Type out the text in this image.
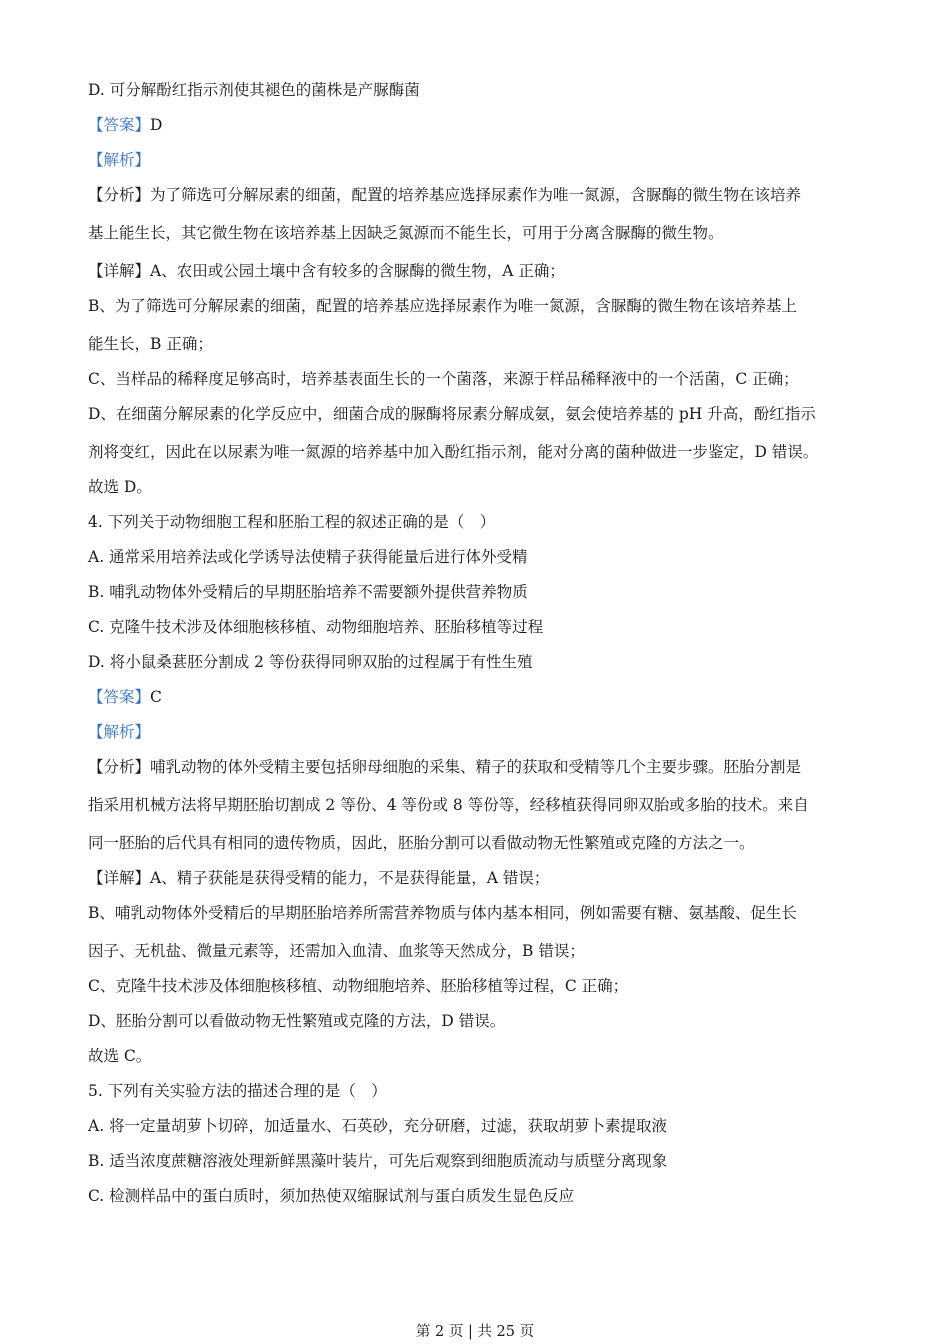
D. 可分解酚红指示剂使其褪色的菌株是产脲酶菌
【答案】D
【解析】
【分析】为了筛选可分解尿素的细菌，配置的培养基应选择尿素作为唯一氮源，含脲酶的微生物在该培养
基上能生长，其它微生物在该培养基上因缺乏氮源而不能生长，可用于分离含脲酶的微生物。
【详解】A、农田或公园土壤中含有较多的含脲酶的微生物，A 正确；
B、为了筛选可分解尿素的细菌，配置的培养基应选择尿素作为唯一氮源，含脲酶的微生物在该培养基上
能生长，B 正确；
C、当样品的稀释度足够高时，培养基表面生长的一个菌落，来源于样品稀释液中的一个活菌，C 正确；
D、在细菌分解尿素的化学反应中，细菌合成的脲酶将尿素分解成氨，氨会使培养基的 pH 升高，酚红指示
剂将变红，因此在以尿素为唯一氮源的培养基中加入酚红指示剂，能对分离的菌种做进一步鉴定，D 错误。
故选 D。
4. 下列关于动物细胞工程和胚胎工程的叙述正确的是（　）
A. 通常采用培养法或化学诱导法使精子获得能量后进行体外受精
B. 哺乳动物体外受精后的早期胚胎培养不需要额外提供营养物质
C. 克隆牛技术涉及体细胞核移植、动物细胞培养、胚胎移植等过程
D. 将小鼠桑葚胚分割成 2 等份获得同卵双胎的过程属于有性生殖
【答案】C
【解析】
【分析】哺乳动物的体外受精主要包括卵母细胞的采集、精子的获取和受精等几个主要步骤。胚胎分割是
指采用机械方法将早期胚胎切割成 2 等份、4 等份或 8 等份等，经移植获得同卵双胎或多胎的技术。来自
同一胚胎的后代具有相同的遗传物质，因此，胚胎分割可以看做动物无性繁殖或克隆的方法之一。
【详解】A、精子获能是获得受精的能力，不是获得能量，A 错误；
B、哺乳动物体外受精后的早期胚胎培养所需营养物质与体内基本相同，例如需要有糖、氨基酸、促生长
因子、无机盐、微量元素等，还需加入血清、血浆等天然成分，B 错误；
C、克隆牛技术涉及体细胞核移植、动物细胞培养、胚胎移植等过程，C 正确；
D、胚胎分割可以看做动物无性繁殖或克隆的方法，D 错误。
故选 C。
5. 下列有关实验方法的描述合理的是（　）
A. 将一定量胡萝卜切碎，加适量水、石英砂，充分研磨，过滤，获取胡萝卜素提取液
B. 适当浓度蔗糖溶液处理新鲜黑藻叶装片，可先后观察到细胞质流动与质壁分离现象
C. 检测样品中的蛋白质时，须加热使双缩脲试剂与蛋白质发生显色反应
第 2 页 | 共 25 页
